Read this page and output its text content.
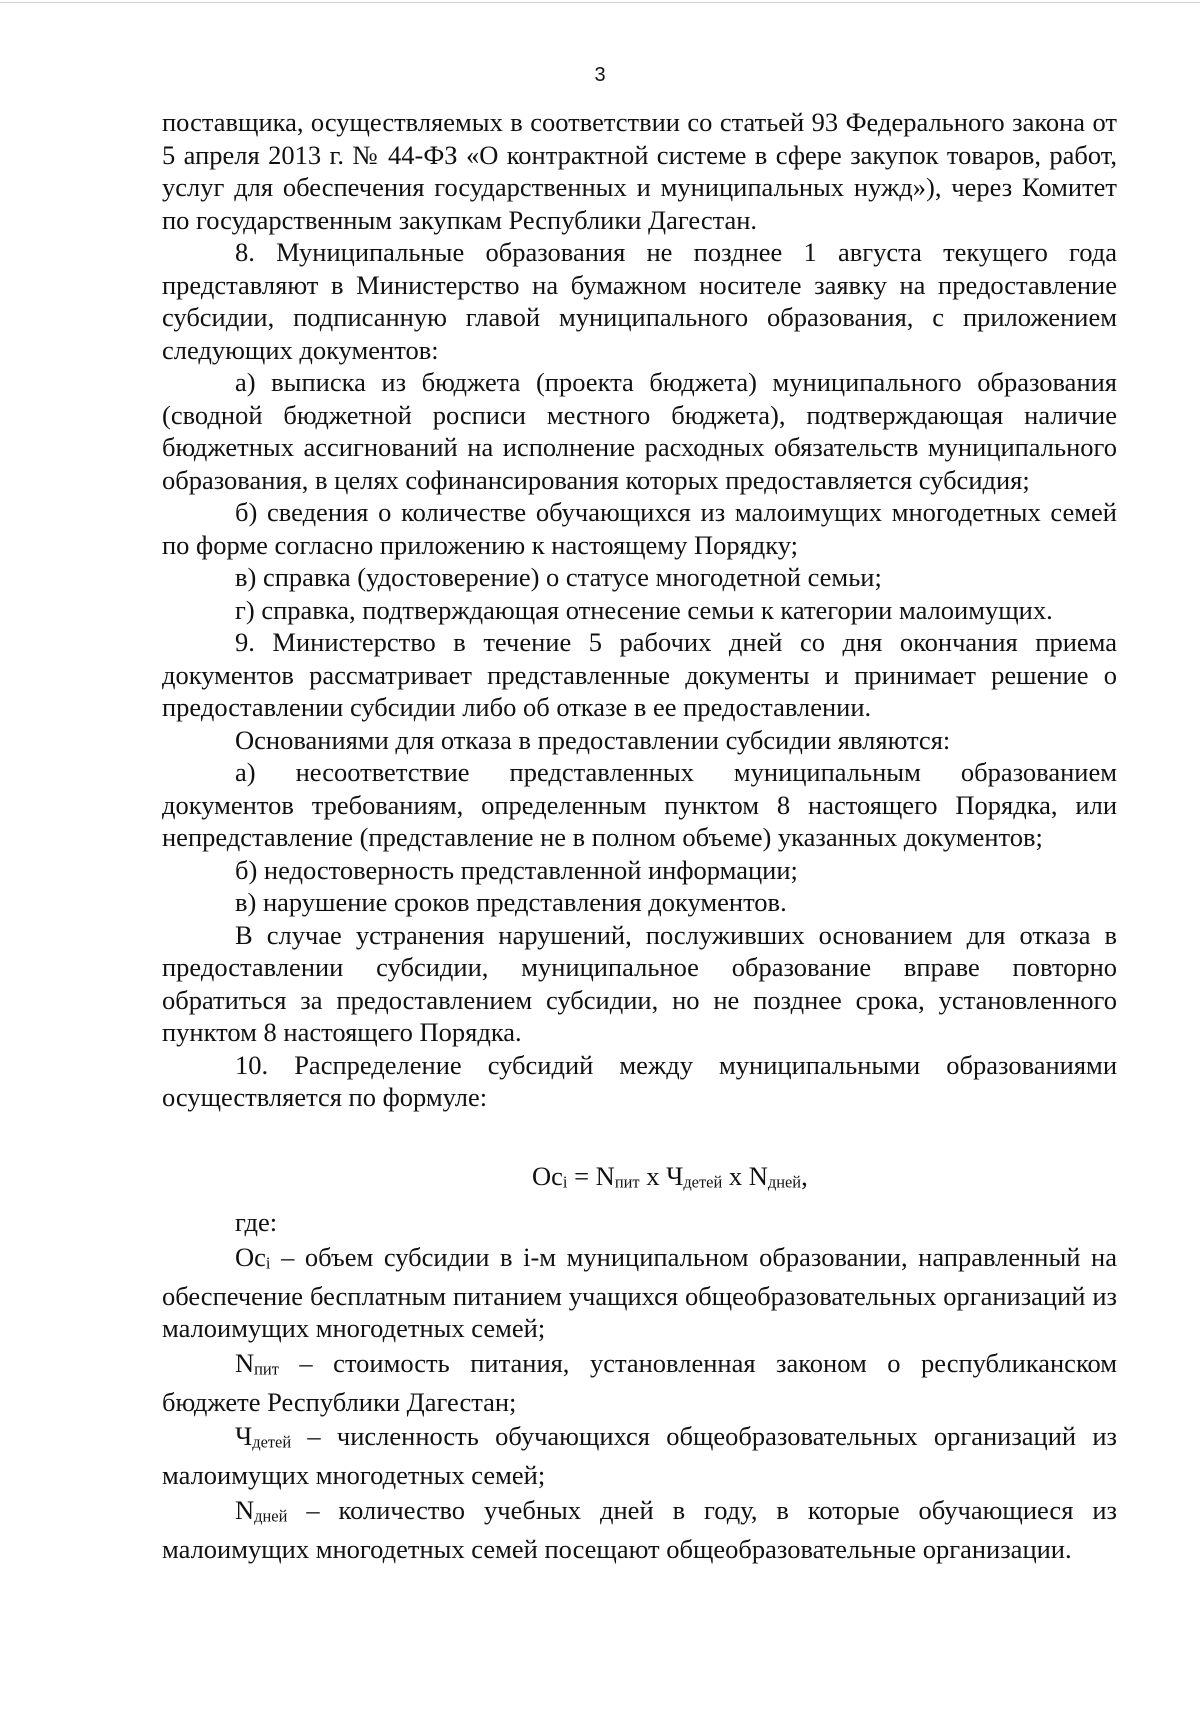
3

поставщика, осуществляемых в соответствии со статьей 93 Федерального закона от 5 апреля 2013 г. № 44-ФЗ «О контрактной системе в сфере закупок товаров, работ, услуг для обеспечения государственных и муниципальных нужд»), через Комитет по государственным закупкам Республики Дагестан.

8. Муниципальные образования не позднее 1 августа текущего года представляют в Министерство на бумажном носителе заявку на предоставление субсидии, подписанную главой муниципального образования, с приложением следующих документов:

а) выписка из бюджета (проекта бюджета) муниципального образования (сводной бюджетной росписи местного бюджета), подтверждающая наличие бюджетных ассигнований на исполнение расходных обязательств муниципального образования, в целях софинансирования которых предоставляется субсидия;

б) сведения о количестве обучающихся из малоимущих многодетных семей по форме согласно приложению к настоящему Порядку;

в) справка (удостоверение) о статусе многодетной семьи;

г) справка, подтверждающая отнесение семьи к категории малоимущих.

9. Министерство в течение 5 рабочих дней со дня окончания приема документов рассматривает представленные документы и принимает решение о предоставлении субсидии либо об отказе в ее предоставлении.

Основаниями для отказа в предоставлении субсидии являются:

а) несоответствие представленных муниципальным образованием документов требованиям, определенным пунктом 8 настоящего Порядка, или непредставление (представление не в полном объеме) указанных документов;

б) недостоверность представленной информации;

в) нарушение сроков представления документов.

В случае устранения нарушений, послуживших основанием для отказа в предоставлении субсидии, муниципальное образование вправе повторно обратиться за предоставлением субсидии, но не позднее срока, установленного пунктом 8 настоящего Порядка.

10. Распределение субсидий между муниципальными образованиями осуществляется по формуле:

Осi = Nпит x Чдетей x Nдней,

где:

Осi – объем субсидии в i-м муниципальном образовании, направленный на обеспечение бесплатным питанием учащихся общеобразовательных организаций из малоимущих многодетных семей;

Nпит – стоимость питания, установленная законом о республиканском бюджете Республики Дагестан;

Чдетей – численность обучающихся общеобразовательных организаций из малоимущих многодетных семей;

Nдней – количество учебных дней в году, в которые обучающиеся из малоимущих многодетных семей посещают общеобразовательные организации.
